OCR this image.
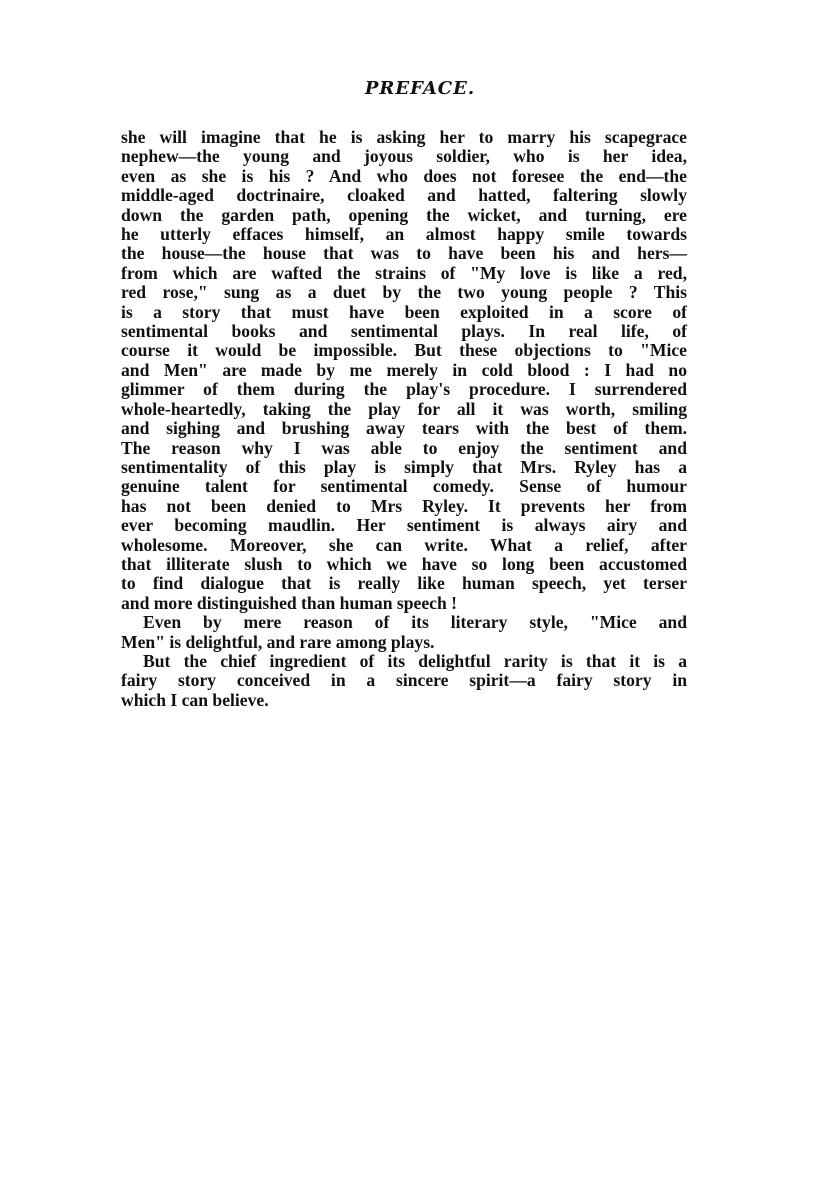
PREFACE.
she will imagine that he is asking her to marry his scapegrace
nephew—the young and joyous soldier, who is her idea,
even as she is his ? And who does not foresee the end—the
middle-aged doctrinaire, cloaked and hatted, faltering slowly
down the garden path, opening the wicket, and turning, ere
he utterly effaces himself, an almost happy smile towards
the house—the house that was to have been his and hers—
from which are wafted the strains of "My love is like a red,
red rose," sung as a duet by the two young people ? This
is a story that must have been exploited in a score of
sentimental books and sentimental plays. In real life, of
course it would be impossible. But these objections to "Mice
and Men" are made by me merely in cold blood : I had no
glimmer of them during the play's procedure. I surrendered
whole-heartedly, taking the play for all it was worth, smiling
and sighing and brushing away tears with the best of them.
The reason why I was able to enjoy the sentiment and
sentimentality of this play is simply that Mrs. Ryley has a
genuine talent for sentimental comedy. Sense of humour
has not been denied to Mrs Ryley. It prevents her from
ever becoming maudlin. Her sentiment is always airy and
wholesome. Moreover, she can write. What a relief, after
that illiterate slush to which we have so long been accustomed
to find dialogue that is really like human speech, yet terser
and more distinguished than human speech !
Even by mere reason of its literary style, "Mice and
Men" is delightful, and rare among plays.
But the chief ingredient of its delightful rarity is that it is a
fairy story conceived in a sincere spirit—a fairy story in
which I can believe.
